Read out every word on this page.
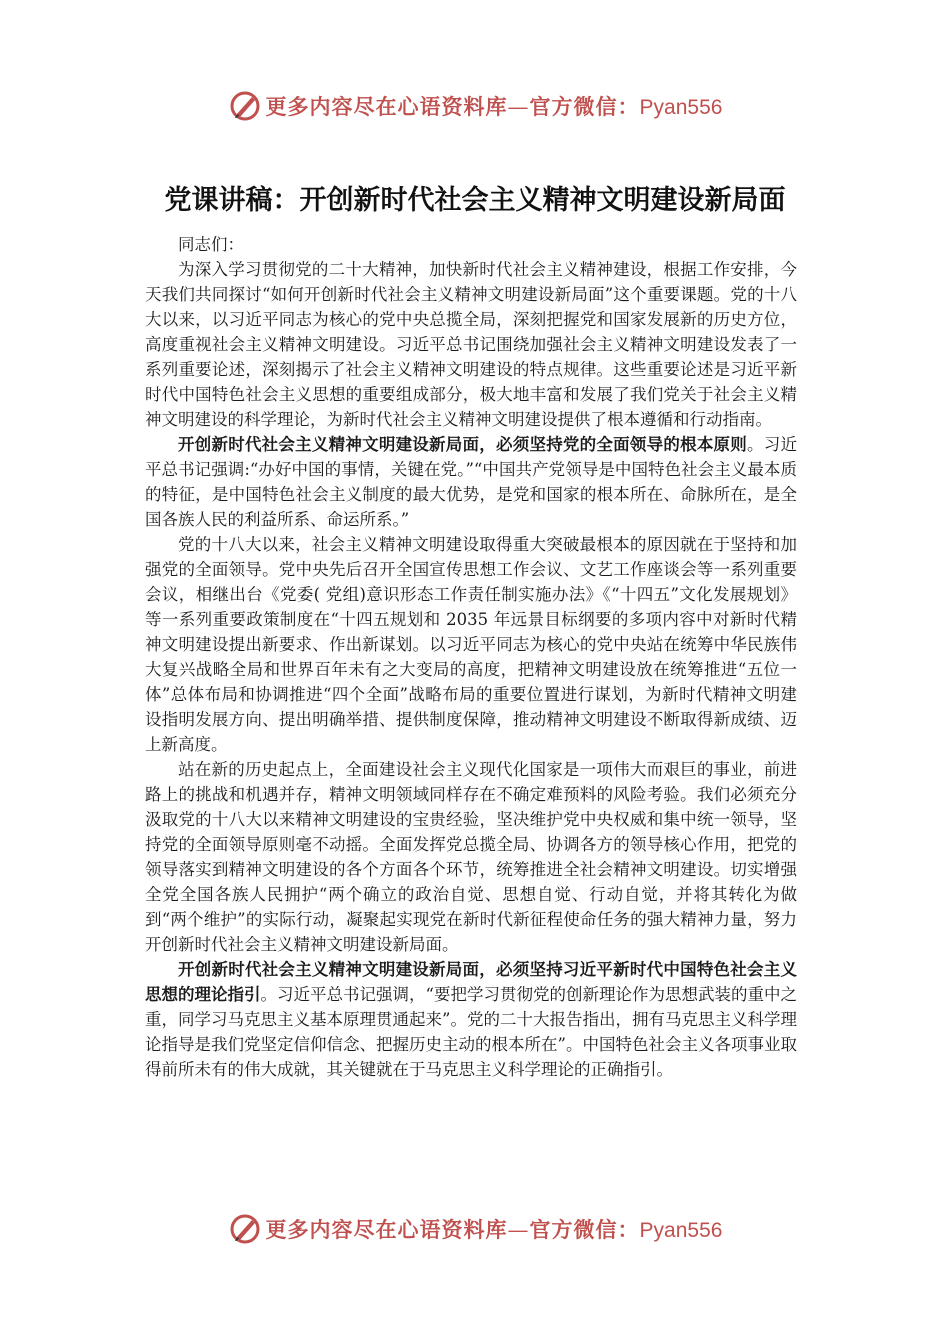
更多内容尽在心语资料库—官方微信：Pyan556
党课讲稿：开创新时代社会主义精神文明建设新局面

同志们：

为深入学习贯彻党的二十大精神，加快新时代社会主义精神建设，根据工作安排，今天我们共同探讨“如何开创新时代社会主义精神文明建设新局面”这个重要课题。党的十八大以来，以习近平同志为核心的党中央总揽全局，深刻把握党和国家发展新的历史方位，高度重视社会主义精神文明建设。习近平总书记围绕加强社会主义精神文明建设发表了一系列重要论述，深刻揭示了社会主义精神文明建设的特点规律。这些重要论述是习近平新时代中国特色社会主义思想的重要组成部分，极大地丰富和发展了我们党关于社会主义精神文明建设的科学理论，为新时代社会主义精神文明建设提供了根本遵循和行动指南。

开创新时代社会主义精神文明建设新局面，必须坚持党的全面领导的根本原则。习近平总书记强调:“办好中国的事情，关键在党。”“中国共产党领导是中国特色社会主义最本质的特征，是中国特色社会主义制度的最大优势，是党和国家的根本所在、命脉所在，是全国各族人民的利益所系、命运所系。”

党的十八大以来，社会主义精神文明建设取得重大突破最根本的原因就在于坚持和加强党的全面领导。党中央先后召开全国宣传思想工作会议、文艺工作座谈会等一系列重要会议，相继出台《党委( 党组)意识形态工作责任制实施办法》《“十四五”文化发展规划》等一系列重要政策制度在“十四五规划和 2035 年远景目标纲要的多项内容中对新时代精神文明建设提出新要求、作出新谋划。以习近平同志为核心的党中央站在统筹中华民族伟大复兴战略全局和世界百年未有之大变局的高度，把精神文明建设放在统筹推进“五位一体”总体布局和协调推进“四个全面”战略布局的重要位置进行谋划，为新时代精神文明建设指明发展方向、提出明确举措、提供制度保障，推动精神文明建设不断取得新成绩、迈上新高度。

站在新的历史起点上，全面建设社会主义现代化国家是一项伟大而艰巨的事业，前进路上的挑战和机遇并存，精神文明领域同样存在不确定难预料的风险考验。我们必须充分汲取党的十八大以来精神文明建设的宝贵经验，坚决维护党中央权威和集中统一领导，坚持党的全面领导原则毫不动摇。全面发挥党总揽全局、协调各方的领导核心作用，把党的领导落实到精神文明建设的各个方面各个环节，统筹推进全社会精神文明建设。切实增强全党全国各族人民拥护“两个确立的政治自觉、思想自觉、行动自觉，并将其转化为做到“两个维护”的实际行动，凝聚起实现党在新时代新征程使命任务的强大精神力量，努力开创新时代社会主义精神文明建设新局面。

开创新时代社会主义精神文明建设新局面，必须坚持习近平新时代中国特色社会主义思想的理论指引。习近平总书记强调，“要把学习贯彻党的创新理论作为思想武装的重中之重，同学习马克思主义基本原理贯通起来”。党的二十大报告指出，拥有马克思主义科学理论指导是我们党坚定信仰信念、把握历史主动的根本所在”。中国特色社会主义各项事业取得前所未有的伟大成就，其关键就在于马克思主义科学理论的正确指引。

更多内容尽在心语资料库—官方微信：Pyan556
